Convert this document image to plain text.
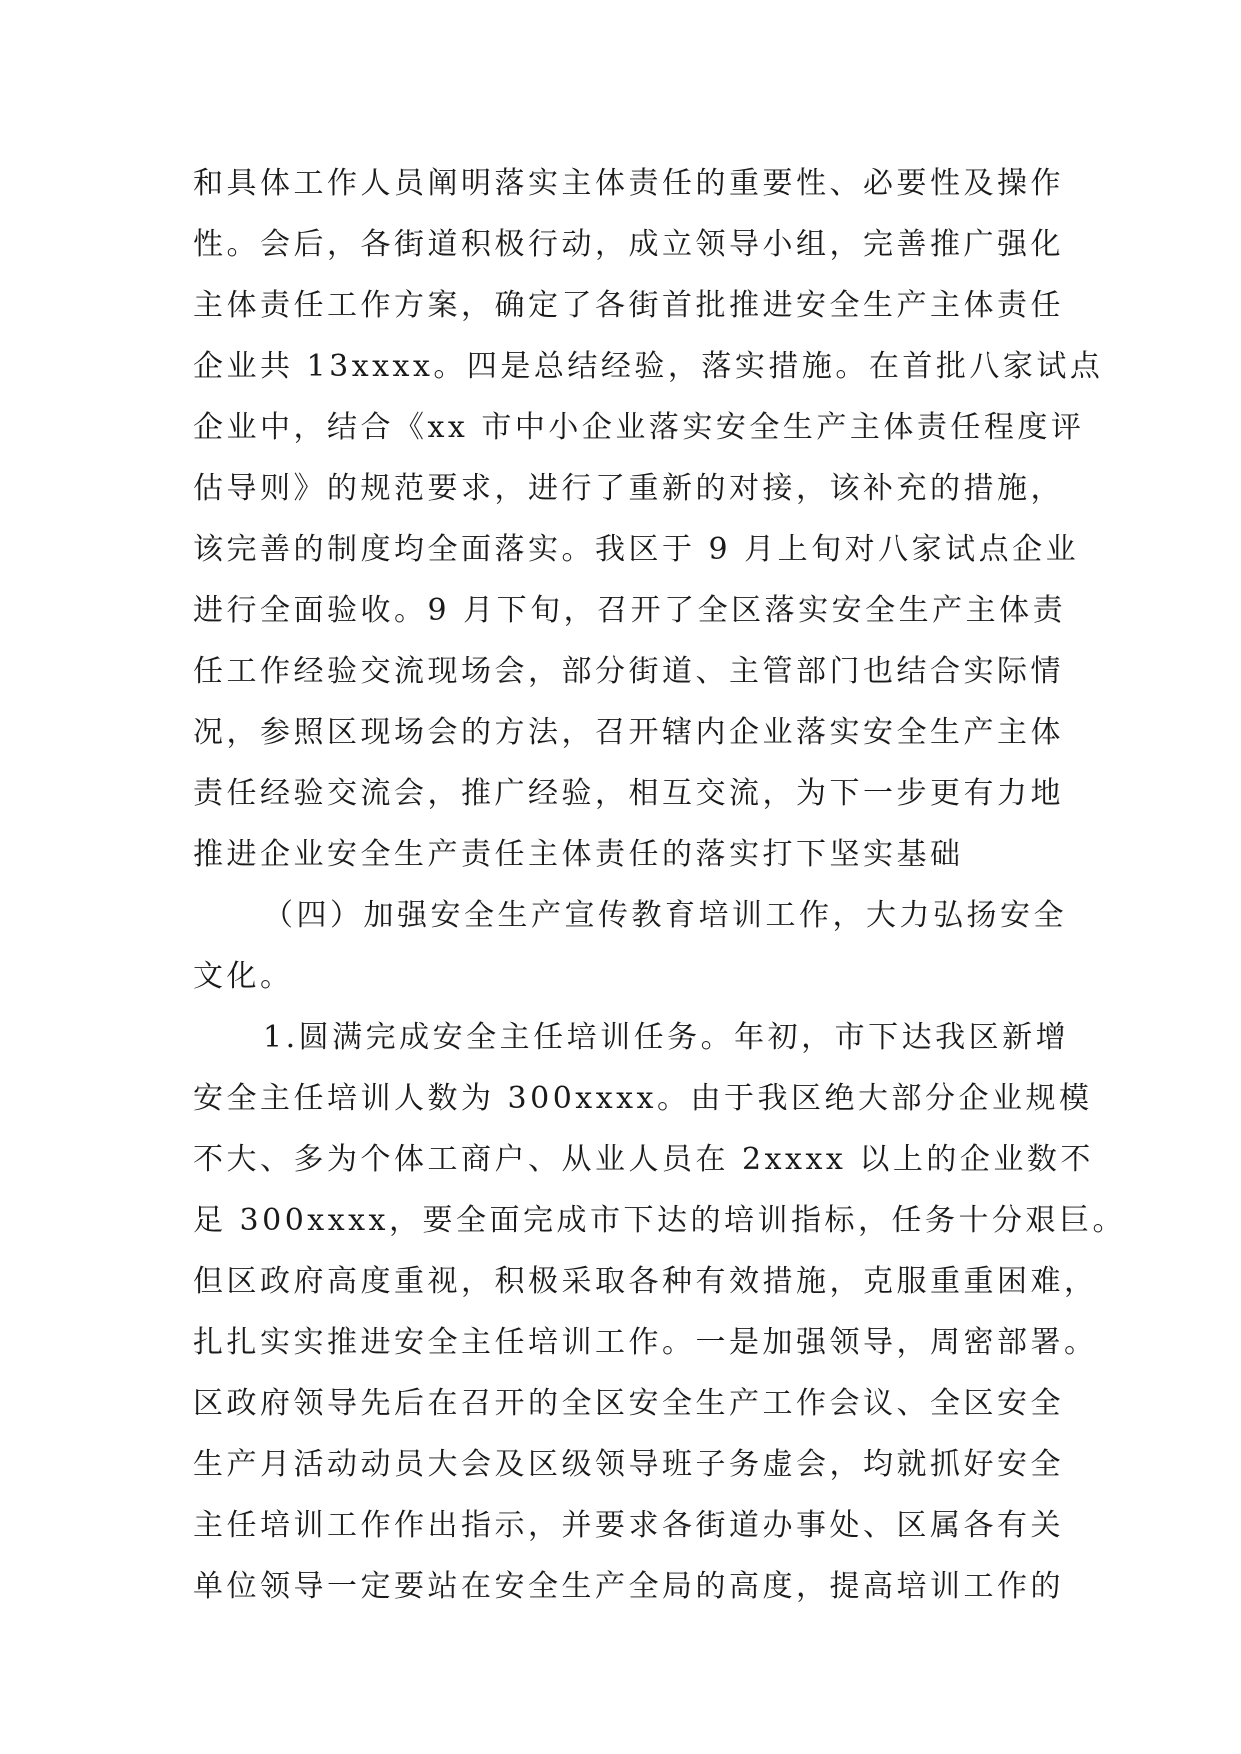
和具体工作人员阐明落实主体责任的重要性、必要性及操作
性。会后，各街道积极行动，成立领导小组，完善推广强化
主体责任工作方案，确定了各街首批推进安全生产主体责任
企业共 13xxxx。四是总结经验，落实措施。在首批八家试点
企业中，结合《xx 市中小企业落实安全生产主体责任程度评
估导则》的规范要求，进行了重新的对接，该补充的措施，
该完善的制度均全面落实。我区于 9 月上旬对八家试点企业
进行全面验收。9 月下旬，召开了全区落实安全生产主体责
任工作经验交流现场会，部分街道、主管部门也结合实际情
况，参照区现场会的方法，召开辖内企业落实安全生产主体
责任经验交流会，推广经验，相互交流，为下一步更有力地
推进企业安全生产责任主体责任的落实打下坚实基础
（四）加强安全生产宣传教育培训工作，大力弘扬安全
文化。
1.圆满完成安全主任培训任务。年初，市下达我区新增
安全主任培训人数为 300xxxx。由于我区绝大部分企业规模
不大、多为个体工商户、从业人员在 2xxxx 以上的企业数不
足 300xxxx，要全面完成市下达的培训指标，任务十分艰巨。
但区政府高度重视，积极采取各种有效措施，克服重重困难，
扎扎实实推进安全主任培训工作。一是加强领导，周密部署。
区政府领导先后在召开的全区安全生产工作会议、全区安全
生产月活动动员大会及区级领导班子务虚会，均就抓好安全
主任培训工作作出指示，并要求各街道办事处、区属各有关
单位领导一定要站在安全生产全局的高度，提高培训工作的
